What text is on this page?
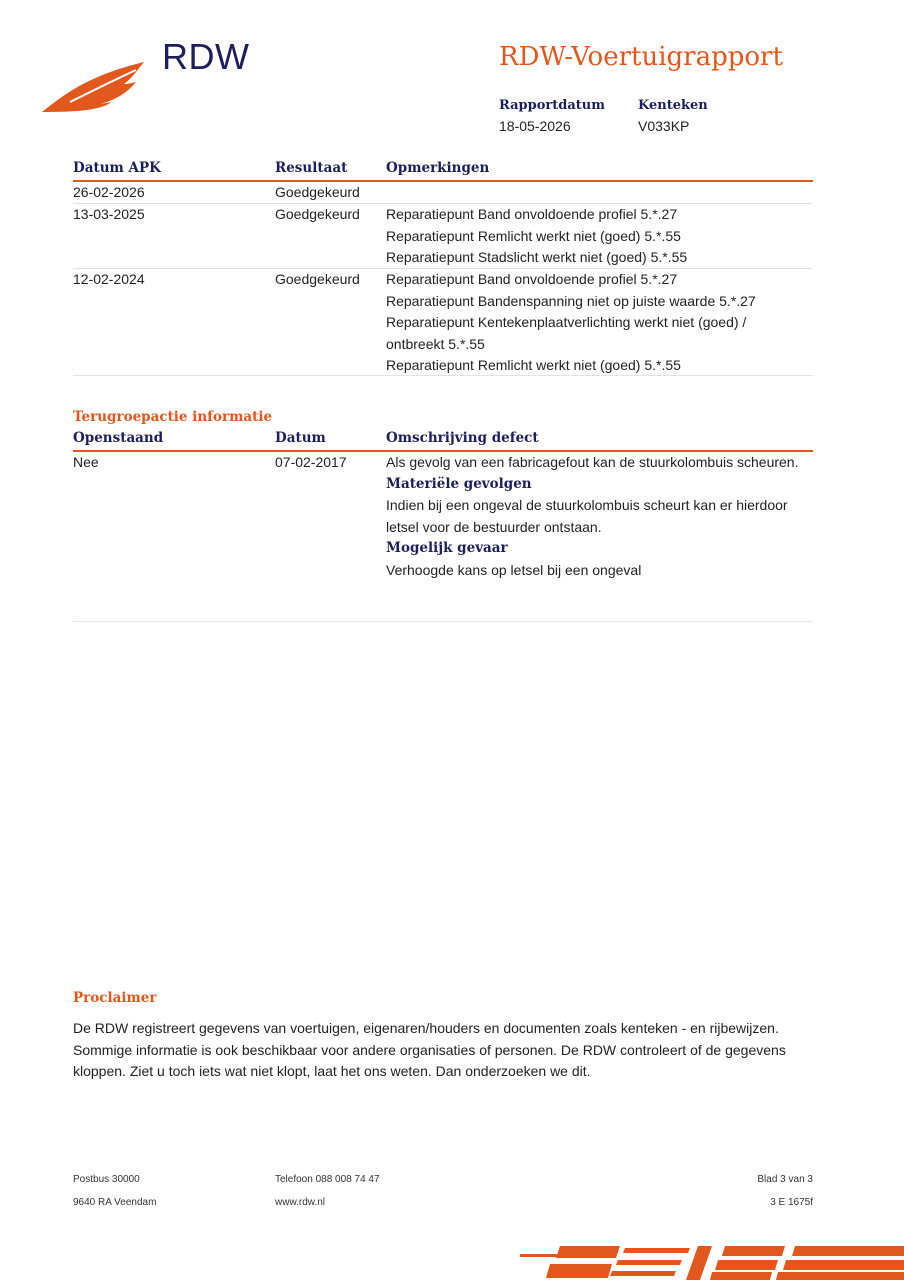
RDW	RDW-Voertuigrapport
Rapportdatum	Kenteken
18-05-2026	V033KP
Datum APK	Resultaat	Opmerkingen
26-02-2026	Goedgekeurd
13-03-2025	Goedgekeurd Reparatiepunt Band onvoldoende profiel 5.*.27
Reparatiepunt Remlicht werkt niet (goed) 5.*.55
Reparatiepunt Stadslicht werkt niet (goed) 5.*.55
12-02-2024	Goedgekeurd Reparatiepunt Band onvoldoende profiel 5.*.27
Reparatiepunt Bandenspanning niet op juiste waarde 5.*.27
Reparatiepunt Kentekenplaatverlichting werkt niet (goed) / ontbreekt 5.*.55
Reparatiepunt Remlicht werkt niet (goed) 5.*.55
Terugroepactie informatie
Openstaand	Datum	Omschrijving defect
Nee	07-02-2017	Als gevolg van een fabricagefout kan de stuurkolombuis scheuren.
Materiële gevolgen
Indien bij een ongeval de stuurkolombuis scheurt kan er hierdoor letsel voor de bestuurder ontstaan.
Mogelijk gevaar
Verhoogde kans op letsel bij een ongeval
Proclaimer
De RDW registreert gegevens van voertuigen, eigenaren/houders en documenten zoals kenteken - en rijbewijzen. Sommige informatie is ook beschikbaar voor andere organisaties of personen. De RDW controleert of de gegevens kloppen. Ziet u toch iets wat niet klopt, laat het ons weten. Dan onderzoeken we dit.
Postbus 30000
9640 RA Veendam
Telefoon 088 008 74 47
www.rdw.nl
Blad 3 van 3
3 E 1675f
